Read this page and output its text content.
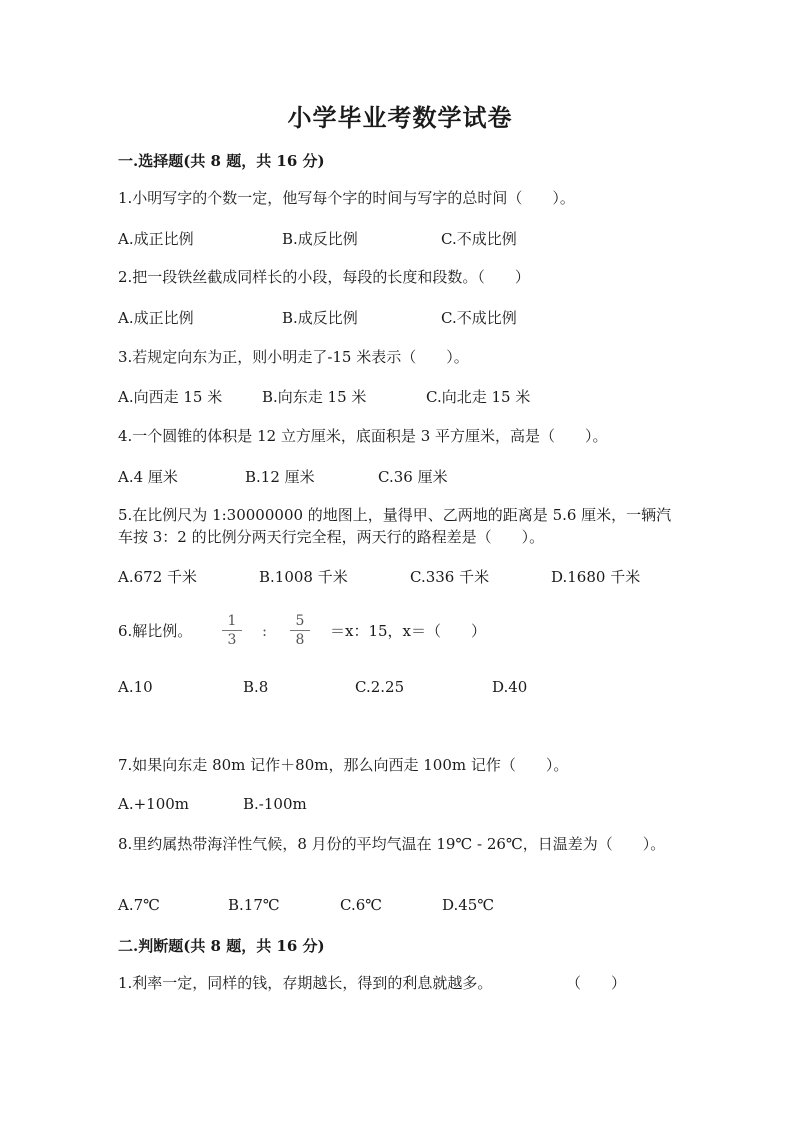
小学毕业考数学试卷
一.选择题(共 8 题，共 16 分)
1.小明写字的个数一定，他写每个字的时间与写字的总时间（　　）。
A.成正比例	B.成反比例	C.不成比例
2.把一段铁丝截成同样长的小段，每段的长度和段数。（　　）
A.成正比例	B.成反比例	C.不成比例
3.若规定向东为正，则小明走了-15 米表示（　　）。
A.向西走 15 米	B.向东走 15 米	C.向北走 15 米
4.一个圆锥的体积是 12 立方厘米，底面积是 3 平方厘米，高是（　　）。
A.4 厘米	B.12 厘米	C.36 厘米
5.在比例尺为 1:30000000 的地图上，量得甲、乙两地的距离是 5.6 厘米，一辆汽车按 3：2 的比例分两天行完全程，两天行的路程差是（　　）。
A.672 千米	B.1008 千米	C.336 千米	D.1680 千米
6.解比例。 $\frac{1}{3}$ : $\frac{5}{8} =x$：15，x＝（　　）
A.10	B.8	C.2.25	D.40
7.如果向东走 80m 记作＋80m，那么向西走 100m 记作（　　）。
A.+100m	B.-100m
8.里约属热带海洋性气候，8 月份的平均气温在 19℃ - 26℃，日温差为（　　）。
A.7℃	B.17℃	C.6℃	D.45℃
二.判断题(共 8 题，共 16 分)
1.利率一定，同样的钱，存期越长，得到的利息就越多。	（　　）
